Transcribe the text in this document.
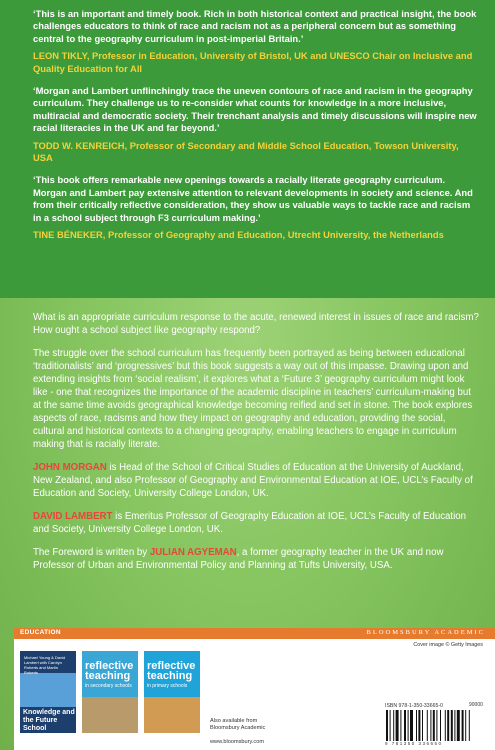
‘This is an important and timely book. Rich in both historical context and practical insight, the book challenges educators to think of race and racism not as a peripheral concern but as something central to the geography curriculum in post-imperial Britain.’
LEON TIKLY, Professor in Education, University of Bristol, UK and UNESCO Chair on Inclusive and Quality Education for All
‘Morgan and Lambert unflinchingly trace the uneven contours of race and racism in the geography curriculum. They challenge us to re-consider what counts for knowledge in a more inclusive, multiracial and democratic society. Their trenchant analysis and timely discussions will inspire new racial literacies in the UK and far beyond.’
TODD W. KENREICH, Professor of Secondary and Middle School Education, Towson University, USA
‘This book offers remarkable new openings towards a racially literate geography curriculum. Morgan and Lambert pay extensive attention to relevant developments in society and science. And from their critically reflective consideration, they show us valuable ways to tackle race and racism in a school subject through F3 curriculum making.’
TINE BÉNEKER, Professor of Geography and Education, Utrecht University, the Netherlands

What is an appropriate curriculum response to the acute, renewed interest in issues of race and racism? How ought a school subject like geography respond?

The struggle over the school curriculum has frequently been portrayed as being between educational ‘traditionalists’ and ‘progressives’ but this book suggests a way out of this impasse. Drawing upon and extending insights from ‘social realism’, it explores what a ‘Future 3’ geography curriculum might look like - one that recognizes the importance of the academic discipline in teachers’ curriculum-making but at the same time avoids geographical knowledge becoming reified and set in stone. The book explores aspects of race, racisms and how they impact on geography and education, providing the social, cultural and historical contexts to a changing geography, enabling teachers to engage in curriculum making that is racially literate.

JOHN MORGAN is Head of the School of Critical Studies of Education at the University of Auckland, New Zealand, and also Professor of Geography and Environmental Education at IOE, UCL’s Faculty of Education and Society, University College London, UK.

DAVID LAMBERT is Emeritus Professor of Geography Education at IOE, UCL’s Faculty of Education and Society, University College London, UK.

The Foreword is written by JULIAN AGYEMAN, a former geography teacher in the UK and now Professor of Urban and Environmental Policy and Planning at Tufts University, USA.

EDUCATION	BLOOMSBURY ACADEMIC
Cover image © Getty Images
Michael Young & David Lambert with Carolyn Roberts and Martin Roberts
Knowledge and the Future School
reflective teaching
in secondary schools
reflective teaching
in primary schools
Also available from
Bloomsbury Academic

www.bloomsbury.com
ISBN 978-1-350-33665-0	90000
9 781350 336650
